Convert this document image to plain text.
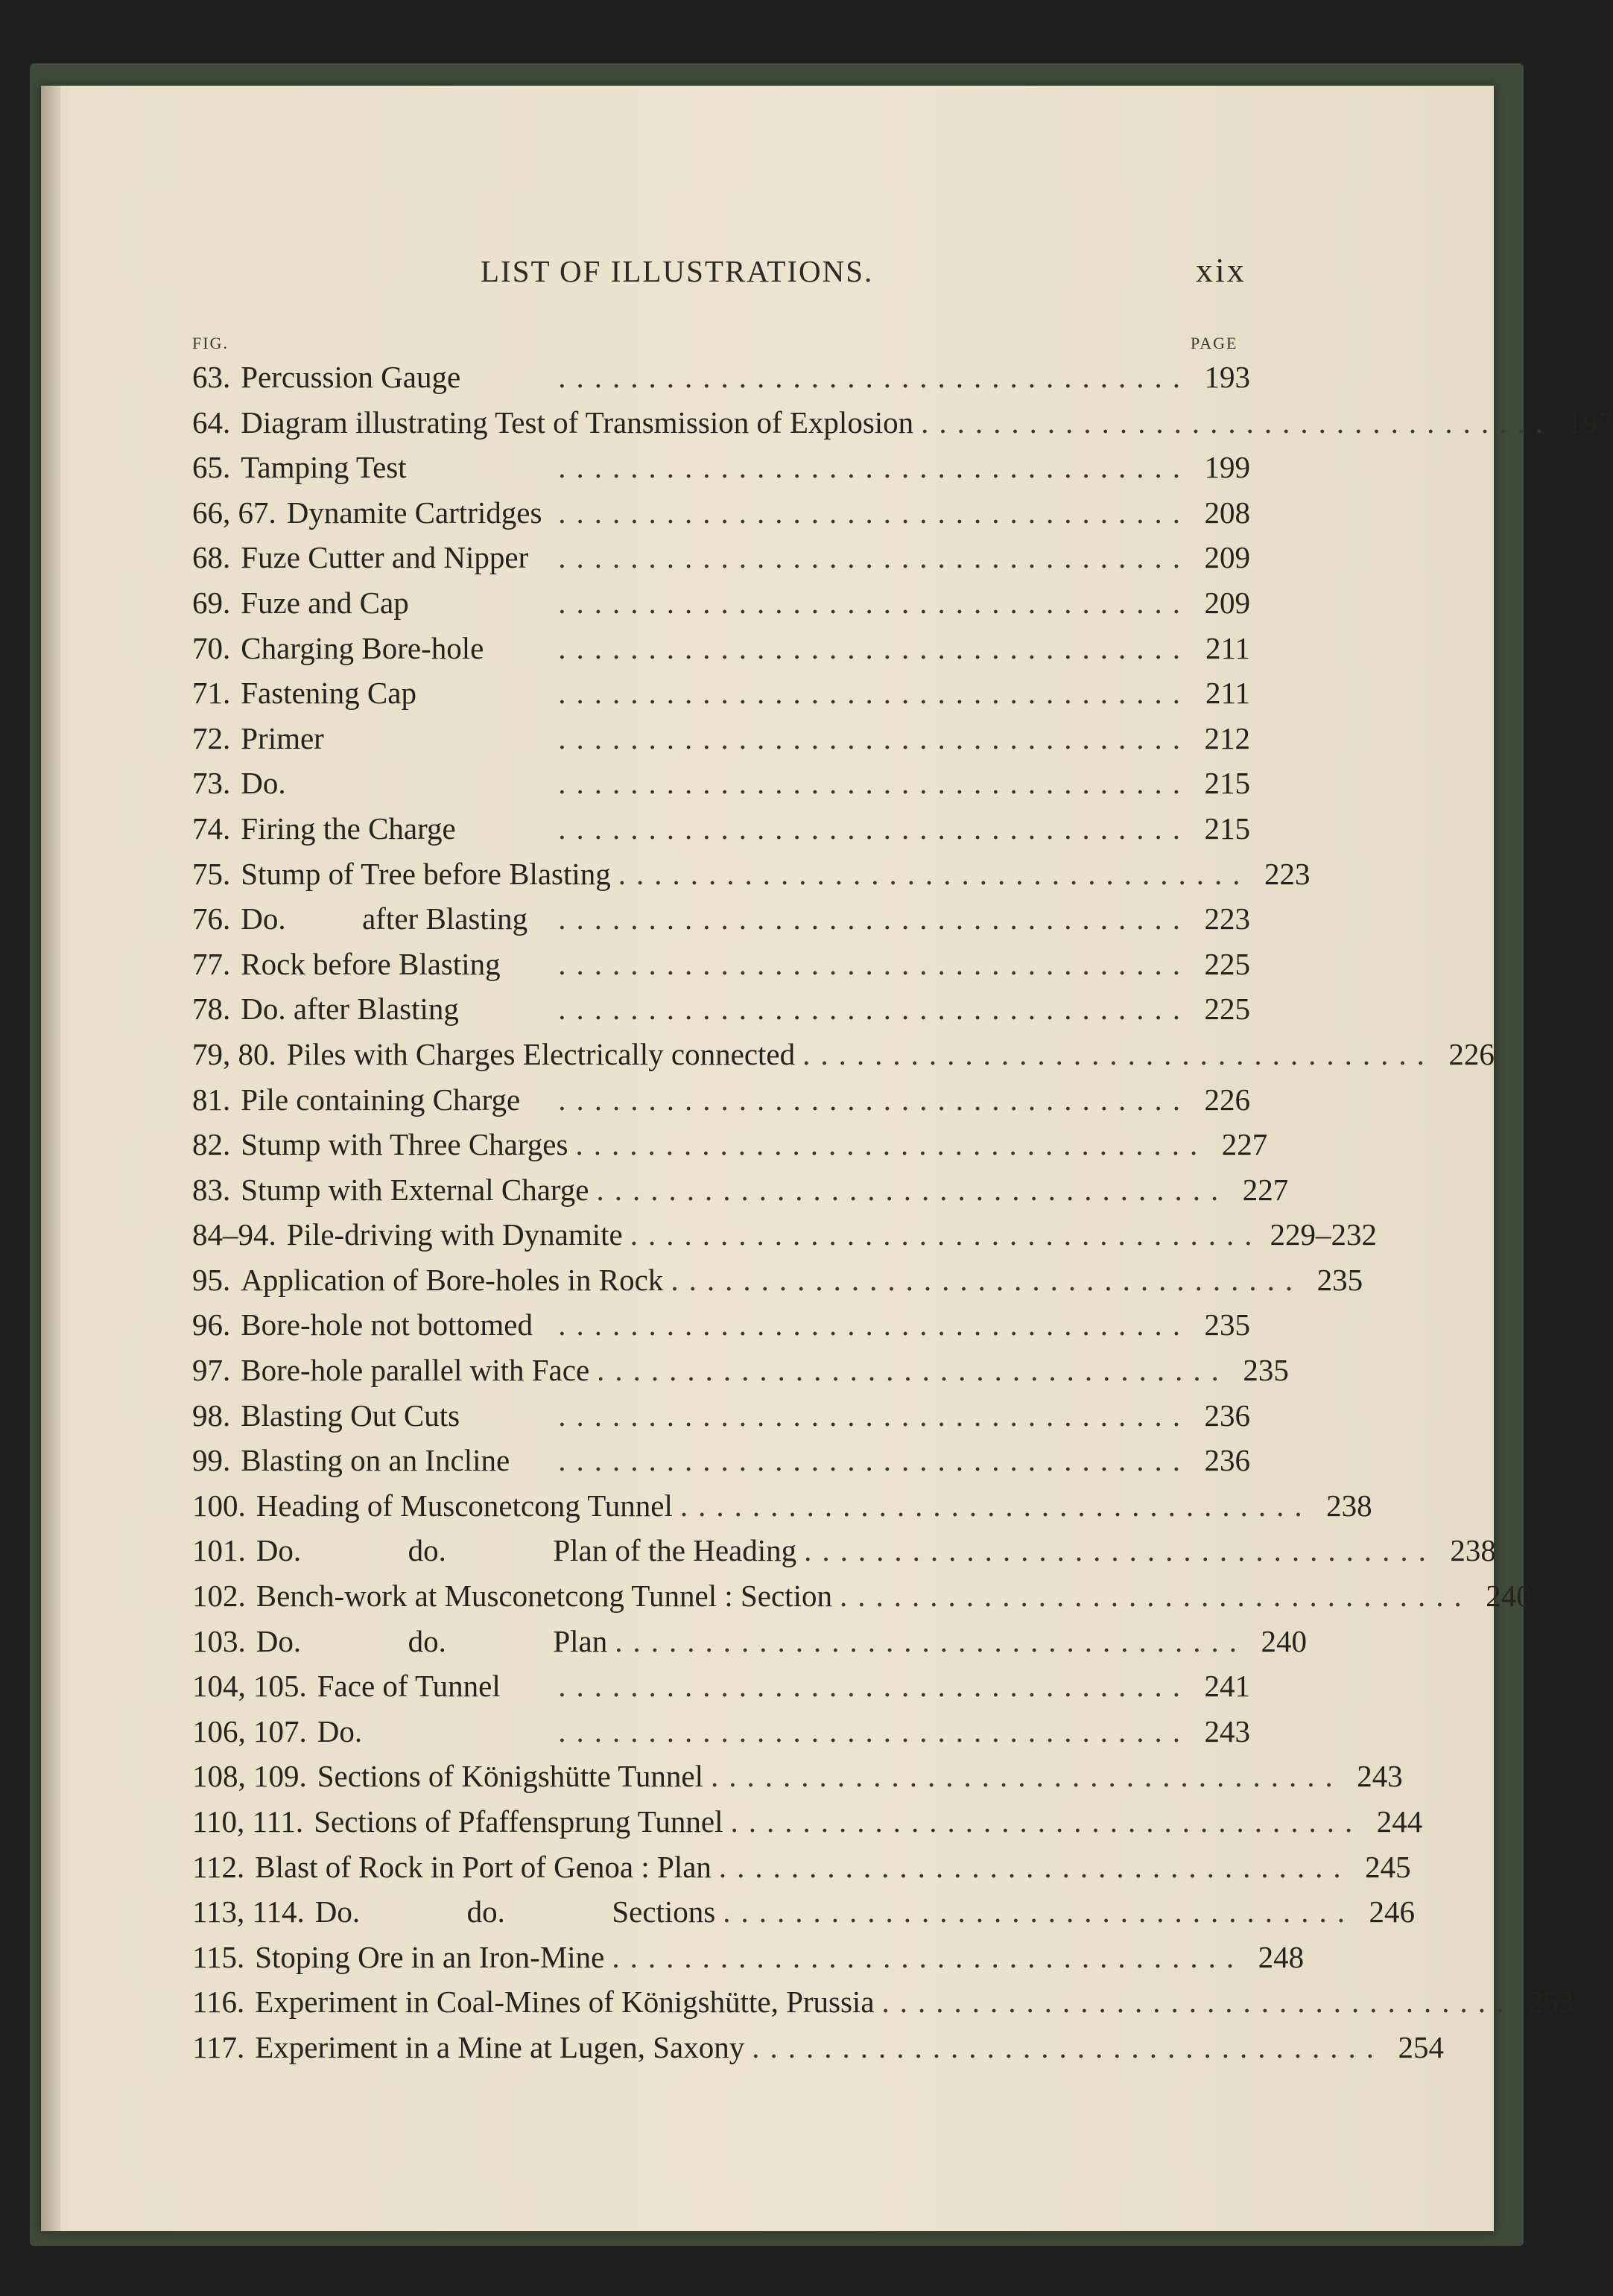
LIST OF ILLUSTRATIONS.	xix
FIG.	PAGE
63. Percussion Gauge	................................... 193
64. Diagram illustrating Test of Transmission of Explosion ................................... 197
65. Tamping Test	................................... 199
66, 67. Dynamite Cartridges ................................... 208
68. Fuze Cutter and Nipper ................................... 209
69. Fuze and Cap	................................... 209
70. Charging Bore-hole	................................... 211
71. Fastening Cap	................................... 211
72. Primer	................................... 212
73. Do.	................................... 215
74. Firing the Charge	................................... 215
75. Stump of Tree before Blasting ................................... 223
76. Do.          after Blasting	................................... 223
77. Rock before Blasting	................................... 225
78. Do. after Blasting	................................... 225
79, 80. Piles with Charges Electrically connected ................................... 226
81. Pile containing Charge	................................... 226
82. Stump with Three Charges ................................... 227
83. Stump with External Charge ................................... 227
84–94. Pile-driving with Dynamite ................................... 229–232
95. Application of Bore-holes in Rock ................................... 235
96. Bore-hole not bottomed ................................... 235
97. Bore-hole parallel with Face ................................... 235
98. Blasting Out Cuts	................................... 236
99. Blasting on an Incline	................................... 236
100. Heading of Musconetcong Tunnel ................................... 238
101. Do.              do.              Plan of the Heading ................................... 238
102. Bench-work at Musconetcong Tunnel : Section ................................... 240
103. Do.              do.              Plan ................................... 240
104, 105. Face of Tunnel	................................... 241
106, 107. Do.	................................... 243
108, 109. Sections of Königshütte Tunnel ................................... 243
110, 111. Sections of Pfaffensprung Tunnel ................................... 244
112. Blast of Rock in Port of Genoa : Plan ................................... 245
113, 114. Do.              do.              Sections ................................... 246
115. Stoping Ore in an Iron-Mine ................................... 248
116. Experiment in Coal-Mines of Königshütte, Prussia ................................... 253
117. Experiment in a Mine at Lugen, Saxony ................................... 254
